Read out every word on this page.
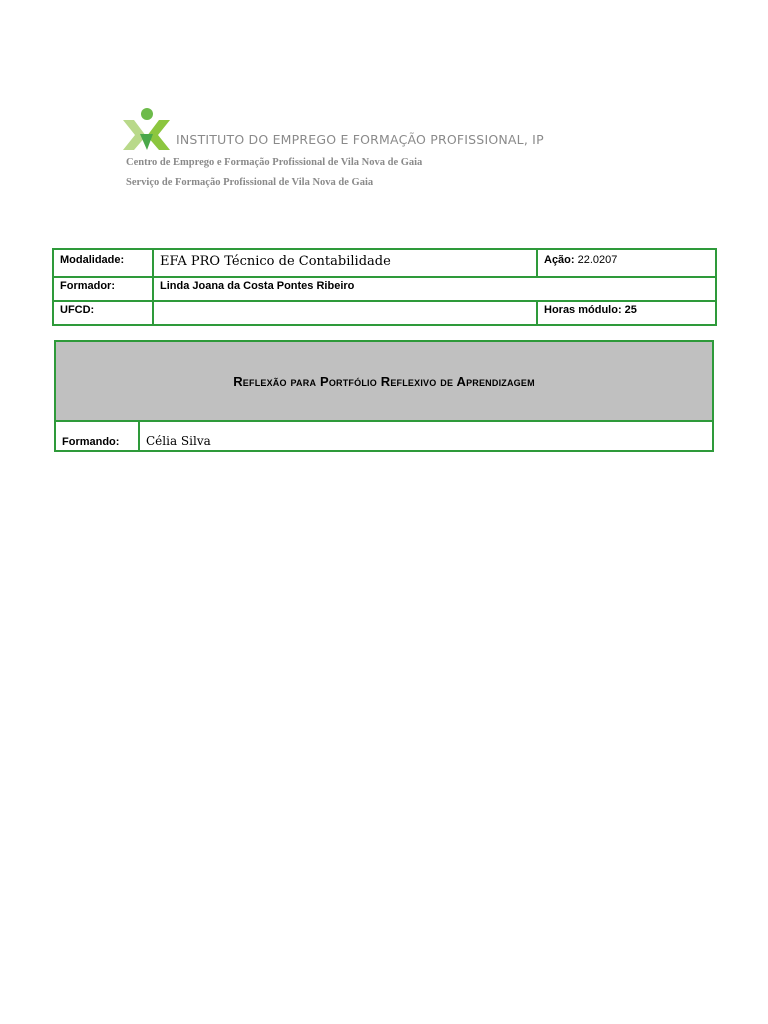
INSTITUTO DO EMPREGO E FORMAÇÃO PROFISSIONAL, IP
Centro de Emprego e Formação Profissional de Vila Nova de Gaia
Serviço de Formação Profissional de Vila Nova de Gaia
Modalidade:	EFA PRO Técnico de Contabilidade	Ação: 22.0207
Formador:	Linda Joana da Costa Pontes Ribeiro	
UFCD:		Horas módulo: 25
Reflexão para Portfólio Reflexivo de Aprendizagem
Formando:	Célia Silva
